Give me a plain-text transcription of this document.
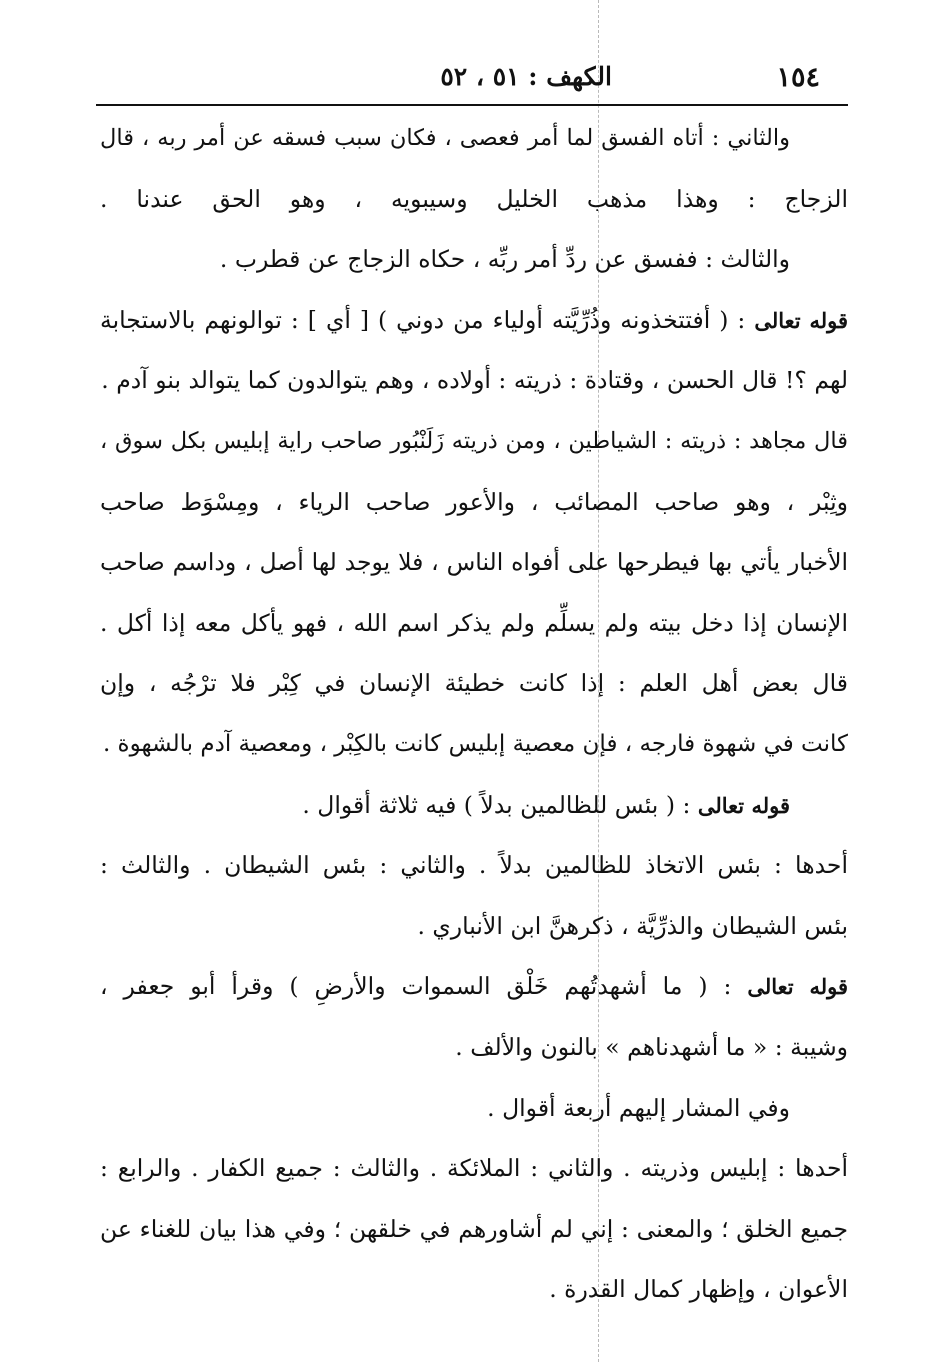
١٥٤
الكهف : ٥١ ، ٥٢
والثاني : أتاه الفسق لما أمر فعصى ، فكان سبب فسقه عن أمر ربه ، قال
الزجاج : وهذا مذهب الخليل وسيبويه ، وهو الحق عندنا .
والثالث : ففسق عن ردِّ أمر ربِّه ، حكاه الزجاج عن قطرب .
قوله تعالى : ( أفتتخذونه وذُرِّيَّته أولياء من دوني ) [ أي ] : توالونهم بالاستجابة
لهم ؟! قال الحسن ، وقتادة : ذريته : أولاده ، وهم يتوالدون كما يتوالد بنو آدم .
قال مجاهد : ذريته : الشياطين ، ومن ذريته زَلَنْبُور صاحب راية إبليس بكل سوق ،
وثِبْر ، وهو صاحب المصائب ، والأعور صاحب الرياء ، ومِسْوَط صاحب
الأخبار يأتي بها فيطرحها على أفواه الناس ، فلا يوجد لها أصل ، وداسم صاحب
الإنسان إذا دخل بيته ولم يسلِّم ولم يذكر اسم الله ، فهو يأكل معه إذا أكل .
قال بعض أهل العلم : إذا كانت خطيئة الإنسان في كِبْر فلا ترْجُه ، وإن
كانت في شهوة فارجه ، فإن معصية إبليس كانت بالكِبْر ، ومعصية آدم بالشهوة .
قوله تعالى : ( بئس للظالمين بدلاً ) فيه ثلاثة أقوال .
أحدها : بئس الاتخاذ للظالمين بدلاً . والثاني : بئس الشيطان . والثالث :
بئس الشيطان والذرِّيَّة ، ذكرهنَّ ابن الأنباري .
قوله تعالى : ( ما أشهدتُهم خَلْق السموات والأرضِ ) وقرأ أبو جعفر ،
وشيبة : « ما أشهدناهم » بالنون والألف .
وفي المشار إليهم أربعة أقوال .
أحدها : إبليس وذريته . والثاني : الملائكة . والثالث : جميع الكفار . والرابع :
جميع الخلق ؛ والمعنى : إني لم أشاورهم في خلقهن ؛ وفي هذا بيان للغناء عن
الأعوان ، وإظهار كمال القدرة .
